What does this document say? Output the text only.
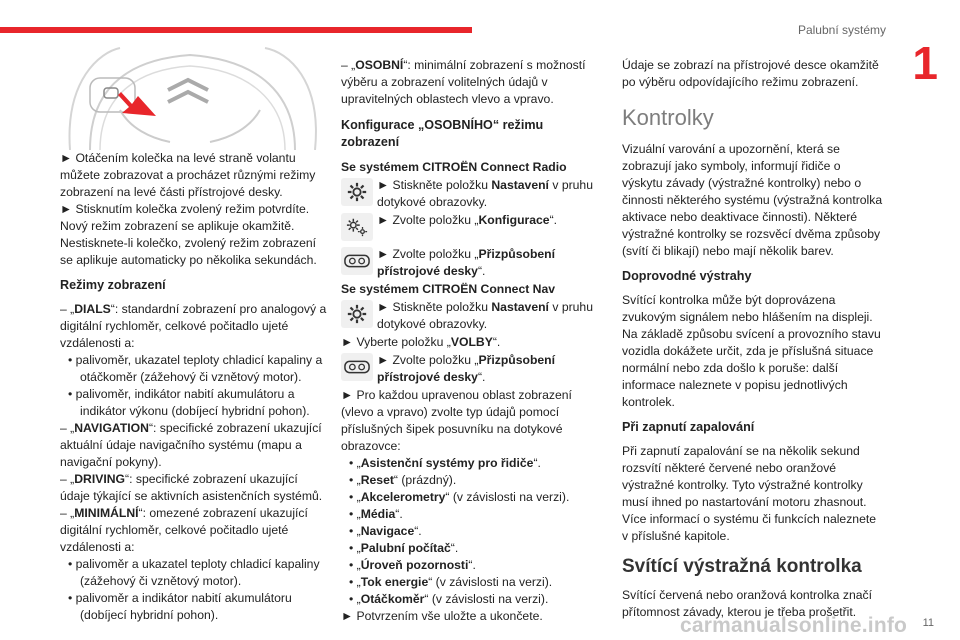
Palubní systémy
1

► Otáčením kolečka na levé straně volantu můžete zobrazovat a procházet různými režimy zobrazení na levé části přístrojové desky.

► Stisknutím kolečka zvolený režim potvrdíte.

Nový režim zobrazení se aplikuje okamžitě.

Nestisknete-li kolečko, zvolený režim zobrazení se aplikuje automaticky po několika sekundách.

Režimy zobrazení

– „DIALS“: standardní zobrazení pro analogový a digitální rychloměr, celkové počitadlo ujeté vzdálenosti a:

• palivoměr, ukazatel teploty chladicí kapaliny a otáčkoměr (zážehový či vznětový motor).

• palivoměr, indikátor nabití akumulátoru a indikátor výkonu (dobíjecí hybridní pohon).

– „NAVIGATION“: specifické zobrazení ukazující aktuální údaje navigačního systému (mapu a navigační pokyny).

– „DRIVING“: specifické zobrazení ukazující údaje týkající se aktivních asistenčních systémů.

– „MINIMÁLNÍ“: omezené zobrazení ukazující digitální rychloměr, celkové počitadlo ujeté vzdálenosti a:

• palivoměr a ukazatel teploty chladicí kapaliny (zážehový či vznětový motor).

• palivoměr a indikátor nabití akumulátoru (dobíjecí hybridní pohon).

– „OSOBNÍ“: minimální zobrazení s možností výběru a zobrazení volitelných údajů v upravitelných oblastech vlevo a vpravo.

Konfigurace „OSOBNÍHO“ režimu zobrazení

Se systémem CITROËN Connect Radio

► Stiskněte položku Nastavení v pruhu dotykové obrazovky.
► Zvolte položku „Konfigurace“.
► Zvolte položku „Přizpůsobení přístrojové desky“.

Se systémem CITROËN Connect Nav

► Stiskněte položku Nastavení v pruhu dotykové obrazovky.

► Vyberte položku „VOLBY“.

► Zvolte položku „Přizpůsobení přístrojové desky“.

► Pro každou upravenou oblast zobrazení (vlevo a vpravo) zvolte typ údajů pomocí příslušných šipek posuvníku na dotykové obrazovce:

• „Asistenční systémy pro řidiče“.

• „Reset“ (prázdný).

• „Akcelerometry“ (v závislosti na verzi).

• „Média“.

• „Navigace“.

• „Palubní počítač“.

• „Úroveň pozornosti“.

• „Tok energie“ (v závislosti na verzi).

• „Otáčkoměr“ (v závislosti na verzi).

► Potvrzením vše uložte a ukončete.

Údaje se zobrazí na přístrojové desce okamžitě po výběru odpovídajícího režimu zobrazení.

Kontrolky

Vizuální varování a upozornění, která se zobrazují jako symboly, informují řidiče o výskytu závady (výstražné kontrolky) nebo o činnosti některého systému (výstražná kontrolka aktivace nebo deaktivace činnosti). Některé výstražné kontrolky se rozsvěcí dvěma způsoby (svítí či blikají) nebo mají několik barev.

Doprovodné výstrahy

Svítící kontrolka může být doprovázena zvukovým signálem nebo hlášením na displeji. Na základě způsobu svícení a provozního stavu vozidla dokážete určit, zda je příslušná situace normální nebo zda došlo k poruše: další informace naleznete v popisu jednotlivých kontrolek.

Při zapnutí zapalování

Při zapnutí zapalování se na několik sekund rozsvítí některé červené nebo oranžové výstražné kontrolky. Tyto výstražné kontrolky musí ihned po nastartování motoru zhasnout. Více informací o systému či funkcích naleznete v příslušné kapitole.

Svítící výstražná kontrolka

Svítící červená nebo oranžová kontrolka značí přítomnost závady, kterou je třeba prošetřit.

carmanualsonline.info 11
